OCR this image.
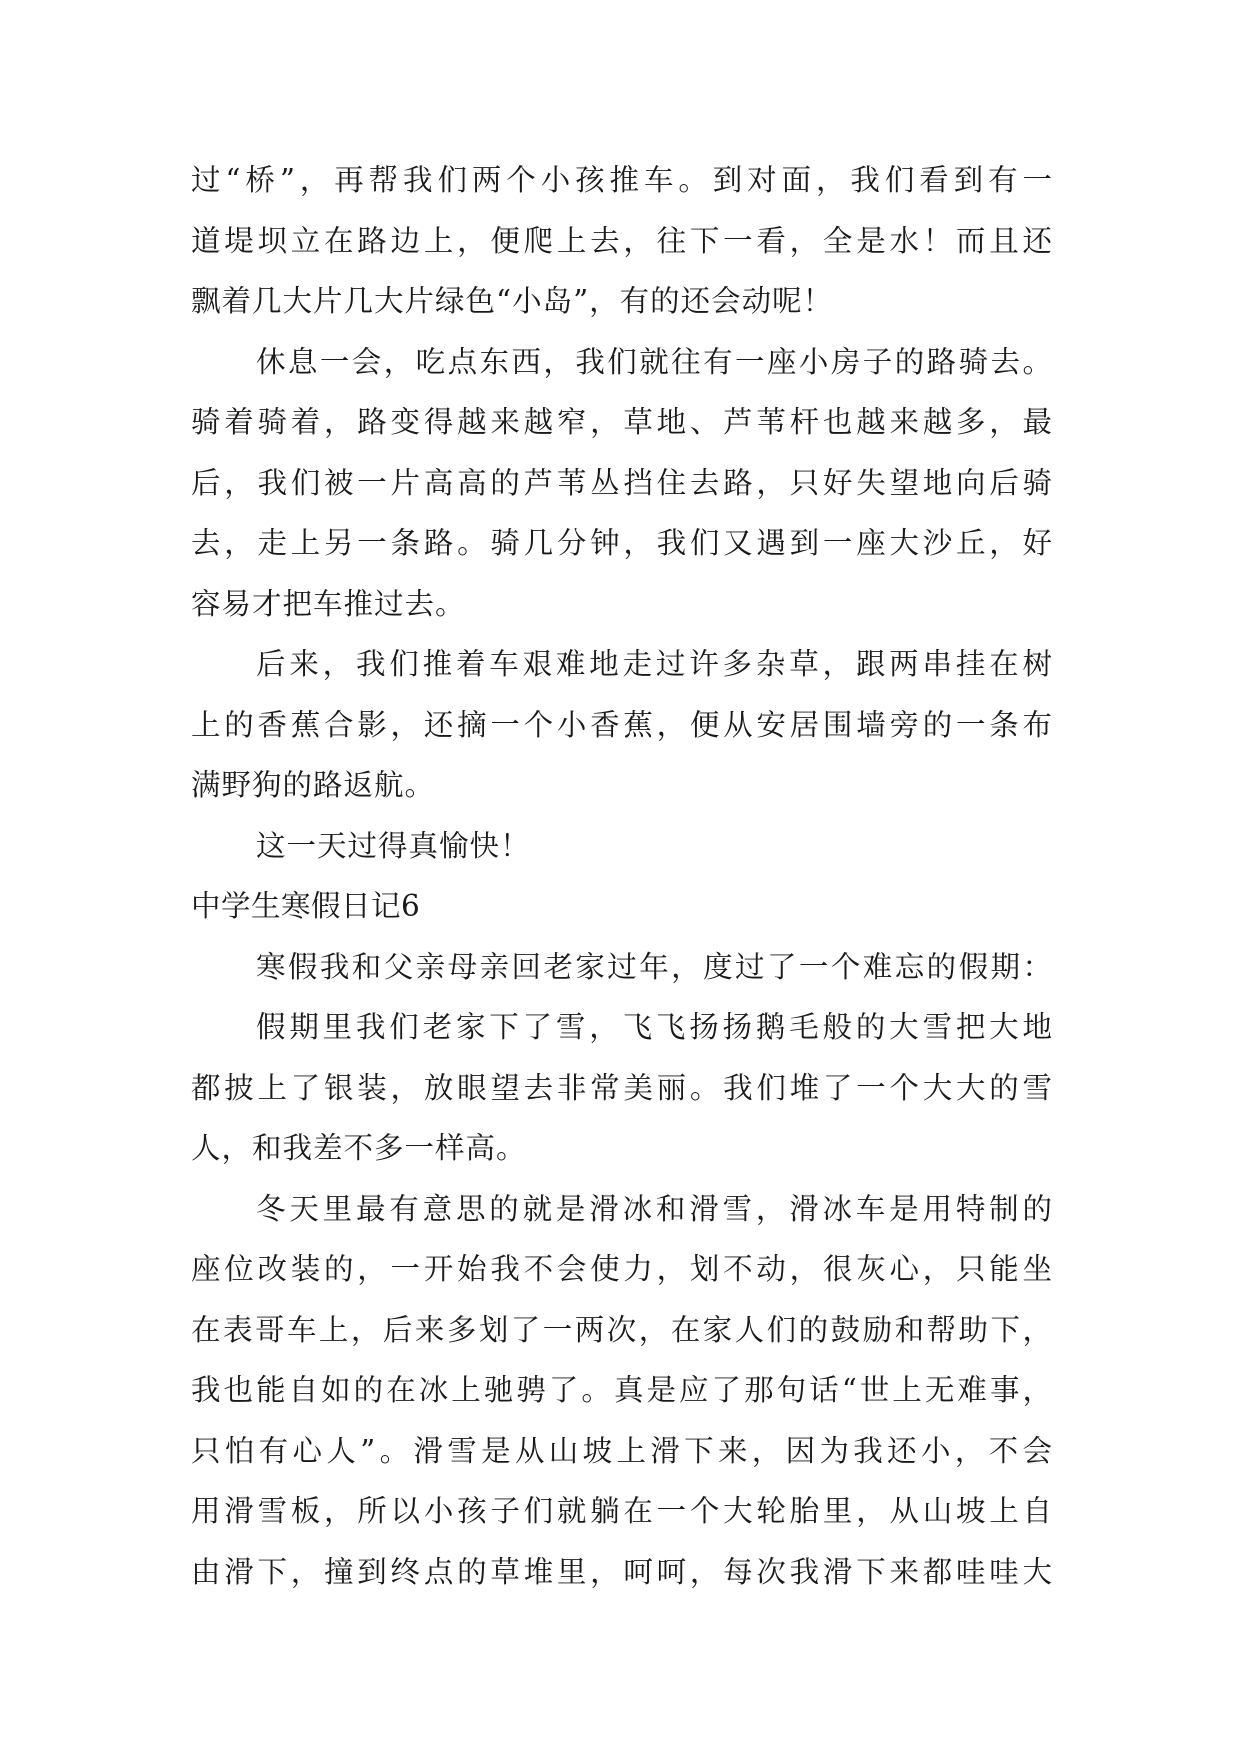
过“桥”，再帮我们两个小孩推车。到对面，我们看到有一
道堤坝立在路边上，便爬上去，往下一看，全是水！而且还
飘着几大片几大片绿色“小岛”，有的还会动呢！
休息一会，吃点东西，我们就往有一座小房子的路骑去。
骑着骑着，路变得越来越窄，草地、芦苇杆也越来越多，最
后，我们被一片高高的芦苇丛挡住去路，只好失望地向后骑
去，走上另一条路。骑几分钟，我们又遇到一座大沙丘，好
容易才把车推过去。
后来，我们推着车艰难地走过许多杂草，跟两串挂在树
上的香蕉合影，还摘一个小香蕉，便从安居围墙旁的一条布
满野狗的路返航。
这一天过得真愉快！
中学生寒假日记6
寒假我和父亲母亲回老家过年，度过了一个难忘的假期：
假期里我们老家下了雪，飞飞扬扬鹅毛般的大雪把大地
都披上了银装，放眼望去非常美丽。我们堆了一个大大的雪
人，和我差不多一样高。
冬天里最有意思的就是滑冰和滑雪，滑冰车是用特制的
座位改装的，一开始我不会使力，划不动，很灰心，只能坐
在表哥车上，后来多划了一两次，在家人们的鼓励和帮助下，
我也能自如的在冰上驰骋了。真是应了那句话“世上无难事，
只怕有心人”。滑雪是从山坡上滑下来，因为我还小，不会
用滑雪板，所以小孩子们就躺在一个大轮胎里，从山坡上自
由滑下，撞到终点的草堆里，呵呵，每次我滑下来都哇哇大
